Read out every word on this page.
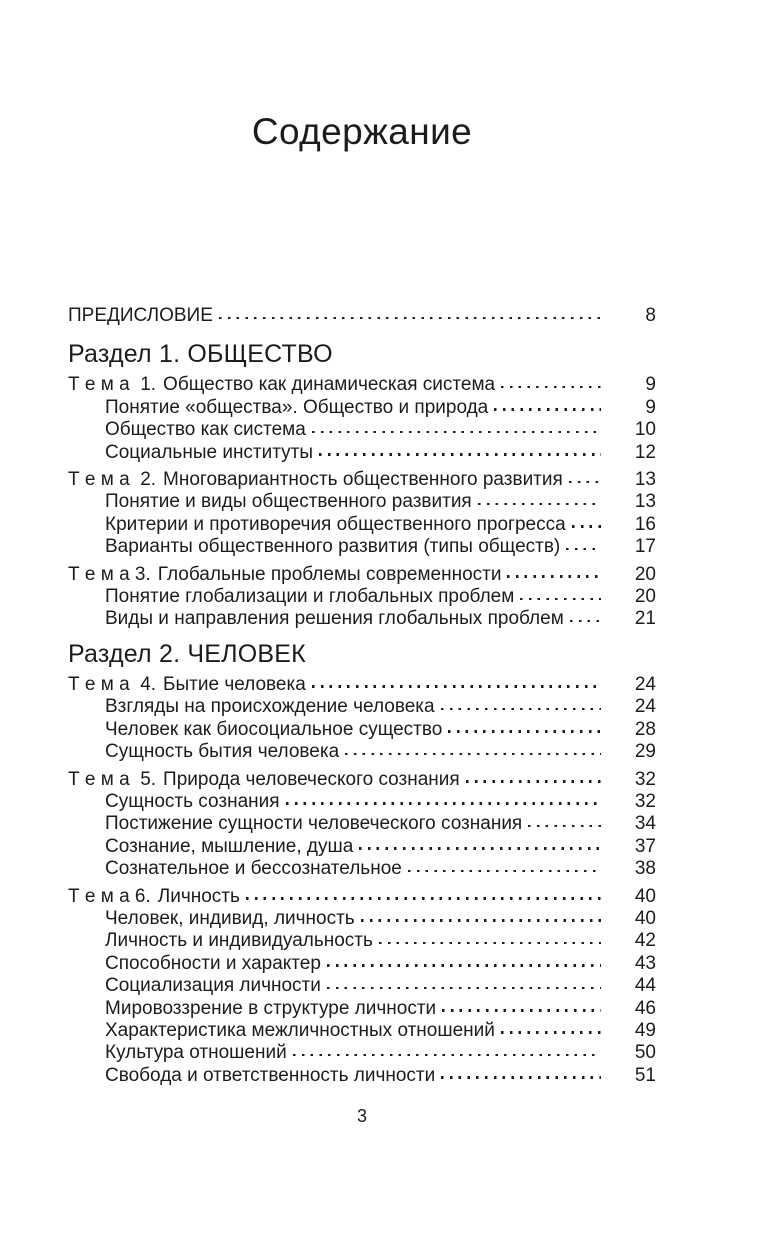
Содержание
ПРЕДИСЛОВИЕ	8
Раздел 1. ОБЩЕСТВО
Т е м а  1. Общество как динамическая система	9
Понятие «общества». Общество и природа	9
Общество как система	10
Социальные институты	12
Т е м а  2. Многовариантность общественного развития	13
Понятие и виды общественного развития	13
Критерии и противоречия общественного прогресса	16
Варианты общественного развития (типы обществ)	17
Т е м а 3. Глобальные проблемы современности	20
Понятие глобализации и глобальных проблем	20
Виды и направления решения глобальных проблем	21
Раздел 2. ЧЕЛОВЕК
Т е м а  4. Бытие человека	24
Взгляды на происхождение человека	24
Человек как биосоциальное существо	28
Сущность бытия человека	29
Т е м а  5. Природа человеческого сознания	32
Сущность сознания	32
Постижение сущности человеческого сознания	34
Сознание, мышление, душа	37
Сознательное и бессознательное	38
Т е м а 6. Личность	40
Человек, индивид, личность	40
Личность и индивидуальность	42
Способности и характер	43
Социализация личности	44
Мировоззрение в структуре личности	46
Характеристика межличностных отношений	49
Культура отношений	50
Свобода и ответственность личности	51
3
